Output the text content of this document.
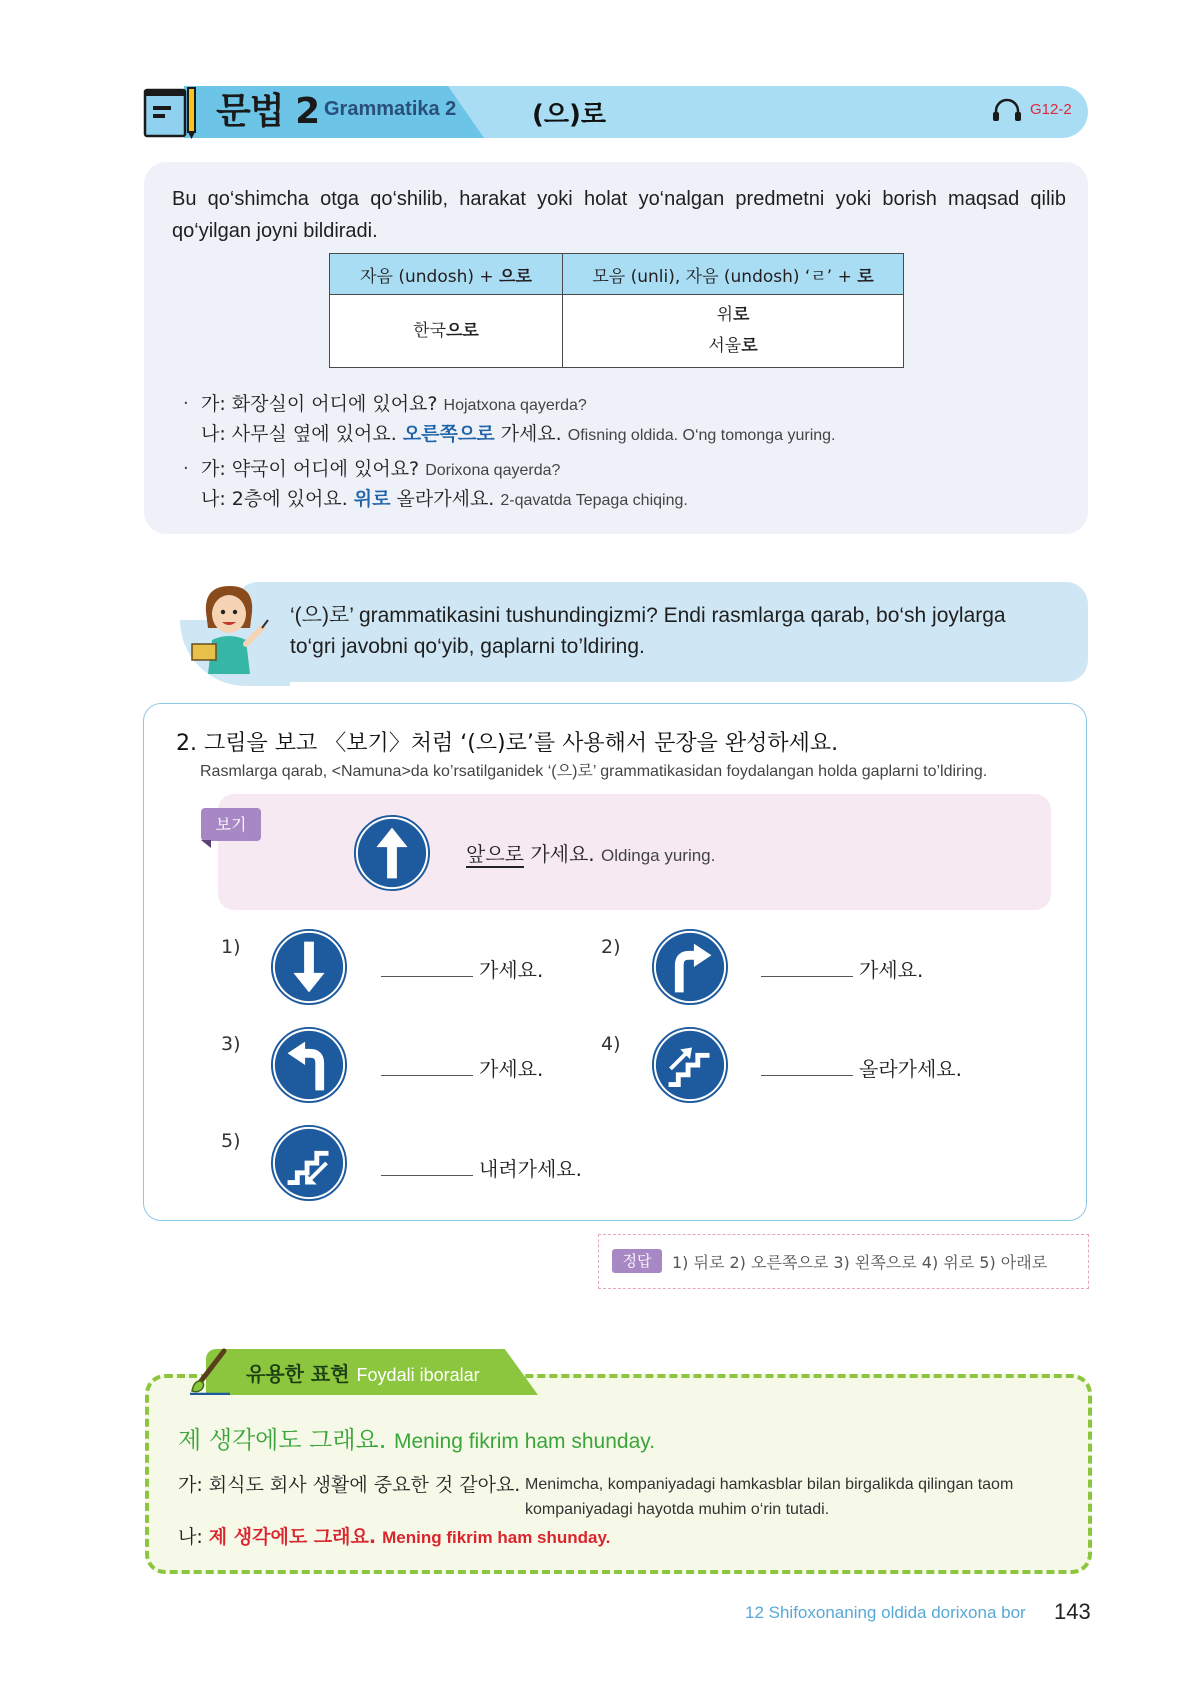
문법 2 Grammatika 2	(으)로	G12-2
Bu qo‘shimcha otga qo‘shilib, harakat yoki holat yo‘nalgan predmetni yoki borish maqsad qilib qo‘yilgan joyni bildiradi.
자음 (undosh) + 으로	모음 (unli), 자음 (undosh) ‘ㄹ’ + 로
한국으로	위로
서울로
· 가: 화장실이 어디에 있어요? Hojatxona qayerda?
나: 사무실 옆에 있어요. 오른쪽으로 가세요. Ofisning oldida. O‘ng tomonga yuring.
· 가: 약국이 어디에 있어요? Dorixona qayerda?
나: 2층에 있어요. 위로 올라가세요. 2-qavatda Tepaga chiqing.
‘(으)로’ grammatikasini tushundingizmi? Endi rasmlarga qarab, bo‘sh joylarga
to‘gri javobni qo‘yib, gaplarni to’ldiring.
2. 그림을 보고 〈보기〉처럼 ‘(으)로’를 사용해서 문장을 완성하세요.
Rasmlarga qarab, <Namuna>da ko’rsatilganidek ‘(으)로’ grammatikasidan foydalangan holda gaplarni to’ldiring.
보기
앞으로 가세요. Oldinga yuring.
1)
가세요.
2)
가세요.
3)
가세요.
4)
올라가세요.
5)
내려가세요.
정답	1) 뒤로 2) 오른쪽으로 3) 왼쪽으로 4) 위로 5) 아래로
유용한 표현 Foydali iboralar
제 생각에도 그래요. Mening fikrim ham shunday.
가: 회식도 회사 생활에 중요한 것 같아요. Menimcha, kompaniyadagi hamkasblar bilan birgalikda qilingan taom kompaniyadagi hayotda muhim o‘rin tutadi.
나: 제 생각에도 그래요. Mening fikrim ham shunday.
12 Shifoxonaning oldida dorixona bor 143
